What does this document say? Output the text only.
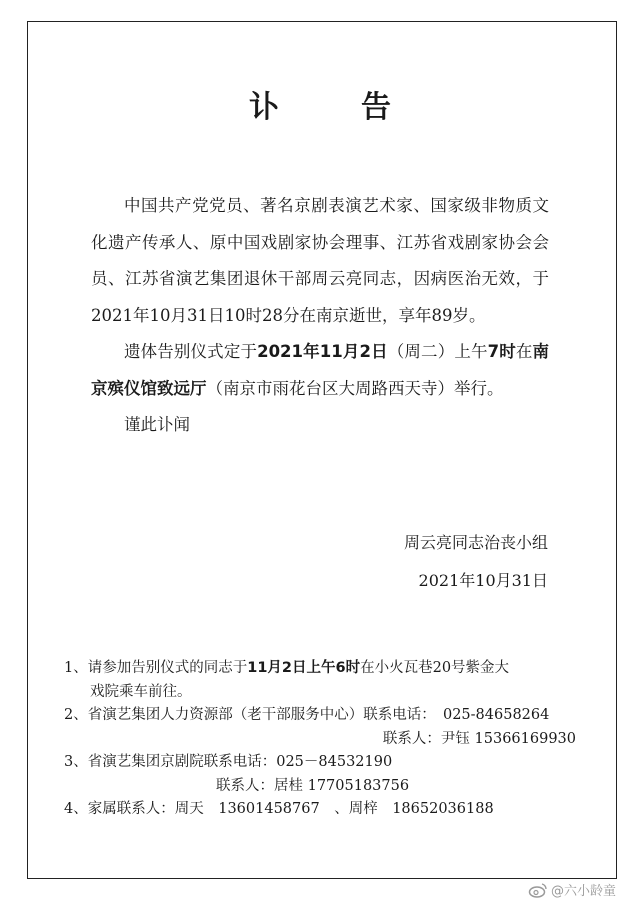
讣　告

中国共产党党员、著名京剧表演艺术家、国家级非物质文化遗产传承人、原中国戏剧家协会理事、江苏省戏剧家协会会员、江苏省演艺集团退休干部周云亮同志，因病医治无效，于2021年10月31日10时28分在南京逝世，享年89岁。

遗体告别仪式定于2021年11月2日（周二）上午7时在南京殡仪馆致远厅（南京市雨花台区大周路西天寺）举行。

谨此讣闻

周云亮同志治丧小组
2021年10月31日
1、请参加告别仪式的同志于11月2日上午6时在小火瓦巷20号紫金大
戏院乘车前往。
2、省演艺集团人力资源部（老干部服务中心）联系电话：　025-84658264
联系人：尹钰 15366169930
3、省演艺集团京剧院联系电话：025－84532190
联系人：居桂 17705183756
4、家属联系人：周天　13601458767　、周梓　18652036188
@六小龄童
